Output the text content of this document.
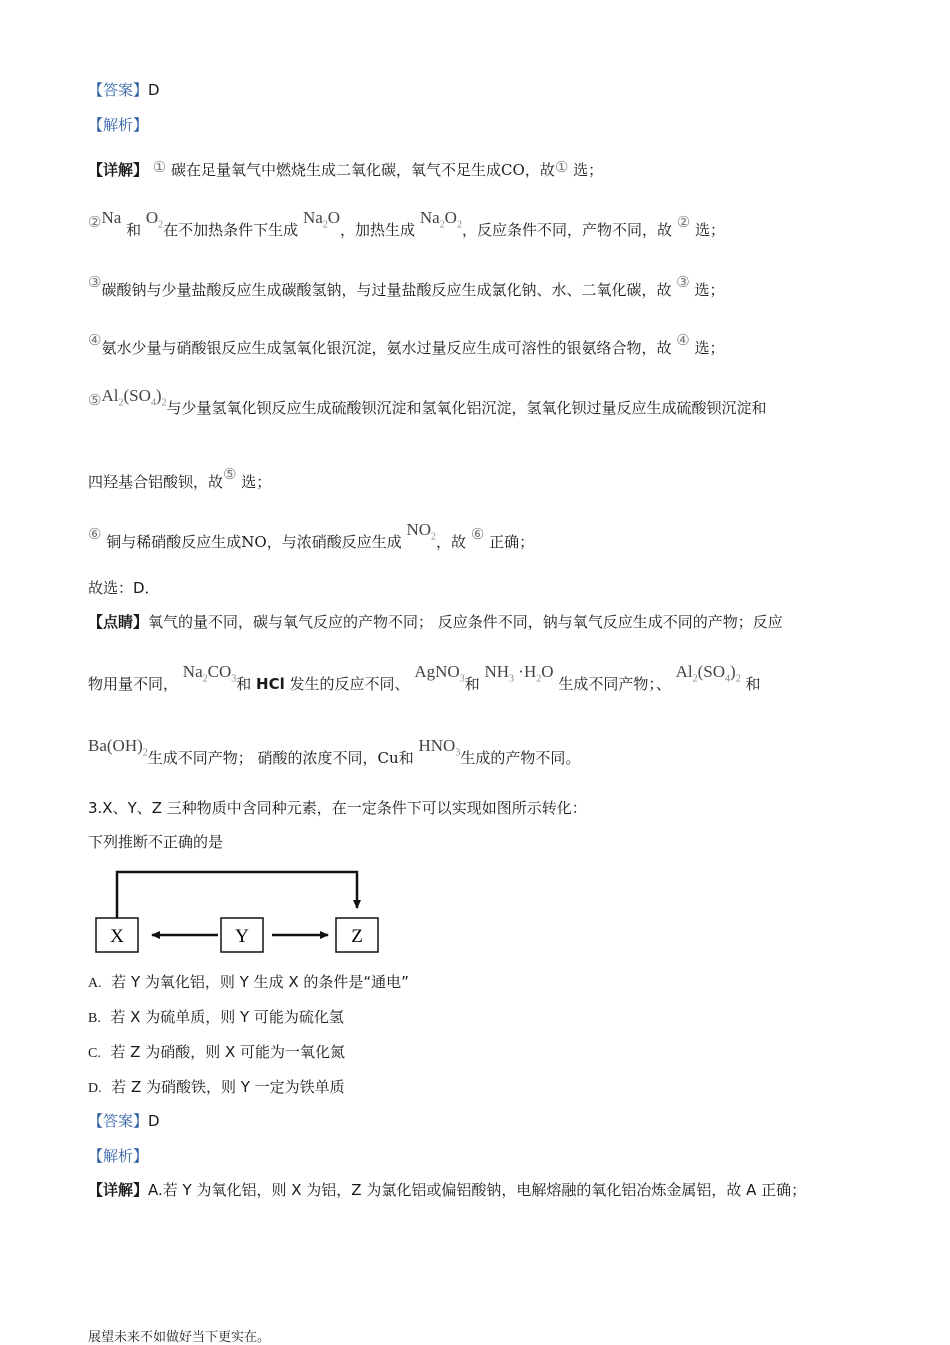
【答案】D
【解析】
【详解】 ① 碳在足量氧气中燃烧生成二氧化碳，氧气不足生成CO，故① 选；
②Na 和 $O_2$在不加热条件下生成 $Na_2O$，加热生成 $Na_2O_2$，反应条件不同，产物不同，故 ② 选；
③ 碳酸钠与少量盐酸反应生成碳酸氢钠，与过量盐酸反应生成氯化钠、水、二氧化碳，故 ③ 选；
④氨水少量与硝酸银反应生成氢氧化银沉淀，氨水过量反应生成可溶性的银氨络合物，故 ④ 选；
$⑤Al_2(SO_4)_2$与少量氢氧化钡反应生成硫酸钡沉淀和氢氧化铝沉淀，氢氧化钡过量反应生成硫酸钡沉淀和
四羟基合铝酸钡，故⑤ 选；
⑥ 铜与稀硝酸反应生成NO，与浓硝酸反应生成 $NO_2$，故 ⑥ 正确；
故选：D．
【点睛】氧气的量不同，碳与氧气反应的产物不同； 反应条件不同，钠与氧气反应生成不同的产物；反应
物用量不同， $Na_2CO_3$和 HCl 发生的反应不同、 AgNO$_3$和 $NH_3 \cdot H_2O$ 生成不同产物；、 $Al_2(SO_4)_2$ 和
$Ba(OH)_2$生成不同产物； 硝酸的浓度不同，Cu和 $HNO_3$生成的产物不同。
3.X、Y、Z 三种物质中含同种元素，在一定条件下可以实现如图所示转化：
下列推断不正确的是
X	Y	Z
A. 若 Y 为氧化铝，则 Y 生成 X 的条件是“通电”
B. 若 X 为硫单质，则 Y 可能为硫化氢
C. 若 Z 为硝酸，则 X 可能为一氧化氮
D. 若 Z 为硝酸铁，则 Y 一定为铁单质
【答案】D
【解析】
【详解】A.若 Y 为氧化铝，则 X 为铝，Z 为氯化铝或偏铝酸钠，电解熔融的氧化铝冶炼金属铝，故 A 正确；
展望未来不如做好当下更实在。
